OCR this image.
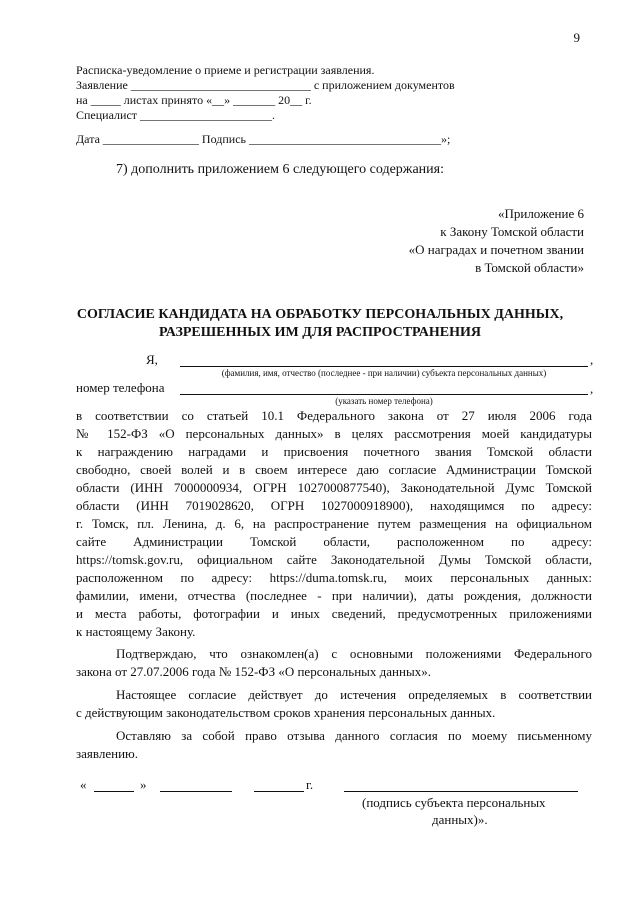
9
Расписка-уведомление о приеме и регистрации заявления.
Заявление ______________________________ с приложением документов
на _____ листах принято «__» _______ 20__ г.
Специалист ______________________.
Дата ________________ Подпись ________________________________»;
7) дополнить приложением 6 следующего содержания:
«Приложение 6
к Закону Томской области
«О наградах и почетном звании
в Томской области»
СОГЛАСИЕ КАНДИДАТА НА ОБРАБОТКУ ПЕРСОНАЛЬНЫХ ДАННЫХ,
РАЗРЕШЕННЫХ ИМ ДЛЯ РАСПРОСТРАНЕНИЯ
Я,	,
(фамилия, имя, отчество (последнее - при наличии) субъекта персональных данных)
номер телефона	,
(указать номер телефона)
в соответствии со статьей 10.1 Федерального закона от 27 июля 2006 года
№ 152-ФЗ «О персональных данных» в целях рассмотрения моей кандидатуры
к награждению наградами и присвоения почетного звания Томской области
свободно, своей волей и в своем интересе даю согласие Администрации Томской
области (ИНН 7000000934, ОГРН 1027000877540), Законодательной Думс Томской
области (ИНН 7019028620, ОГРН 1027000918900), находящимся по адресу:
г. Томск, пл. Ленина, д. 6, на распространение путем размещения на официальном
сайте Администрации Томской области, расположенном по адресу:
https://tomsk.gov.ru, официальном сайте Законодательной Думы Томской области,
расположенном по адресу: https://duma.tomsk.ru, моих персональных данных:
фамилии, имени, отчества (последнее - при наличии), даты рождения, должности
и места работы, фотографии и иных сведений, предусмотренных приложениями
к настоящему Закону.
Подтверждаю, что ознакомлен(а) с основными положениями Федерального
закона от 27.07.2006 года № 152-ФЗ «О персональных данных».
Настоящее согласие действует до истечения определяемых в соответствии
с действующим законодательством сроков хранения персональных данных.
Оставляю за собой право отзыва данного согласия по моему письменному
заявлению.
«	»	г.
(подпись субъекта персональных
данных)».
